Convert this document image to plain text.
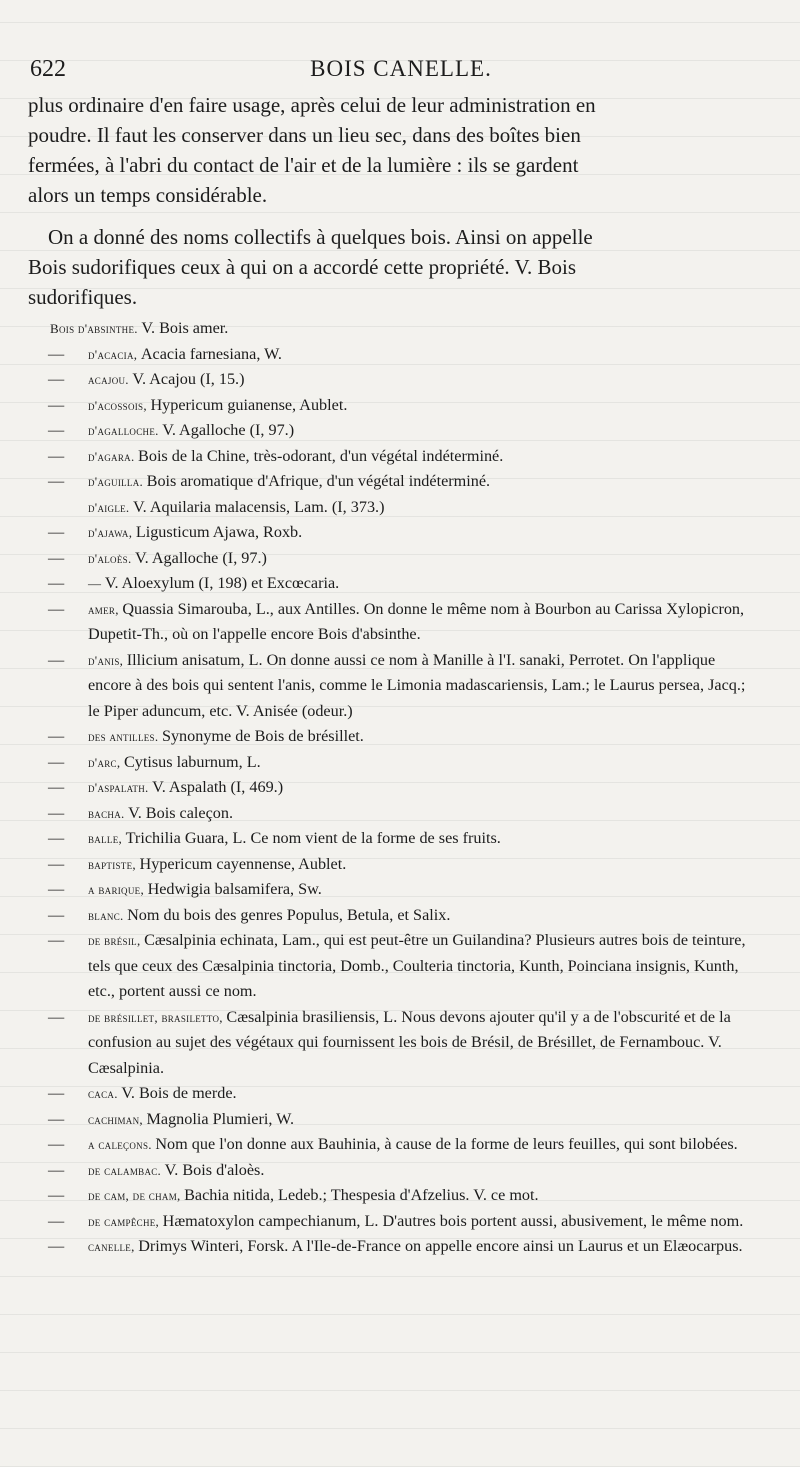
622	BOIS CANELLE.
plus ordinaire d'en faire usage, après celui de leur administration en
poudre. Il faut les conserver dans un lieu sec, dans des boîtes bien
fermées, à l'abri du contact de l'air et de la lumière : ils se gardent
alors un temps considérable.
On a donné des noms collectifs à quelques bois. Ainsi on appelle
Bois sudorifiques ceux à qui on a accordé cette propriété. V. Bois
sudorifiques.
Bois d'absinthe. V. Bois amer.
—	d'acacia, Acacia farnesiana, W.
—	acajou. V. Acajou (I, 15.)
—	d'acossois, Hypericum guianense, Aublet.
—	d'agalloche. V. Agalloche (I, 97.)
—	d'agara. Bois de la Chine, très-odorant, d'un végétal indéterminé.
—	d'aguilla. Bois aromatique d'Afrique, d'un végétal indéterminé.
d'aigle. V. Aquilaria malacensis, Lam. (I, 373.)
—	d'ajawa, Ligusticum Ajawa, Roxb.
—	d'aloès. V. Agalloche (I, 97.)
—	— V. Aloexylum (I, 198) et Excœcaria.
—	amer, Quassia Simarouba, L., aux Antilles. On donne le même nom à Bourbon au Carissa Xylopicron, Dupetit-Th., où on l'appelle encore Bois d'absinthe.
—	d'anis, Illicium anisatum, L. On donne aussi ce nom à Manille à l'I. sanaki, Perrotet. On l'applique encore à des bois qui sentent l'anis, comme le Limonia madascariensis, Lam.; le Laurus persea, Jacq.; le Piper aduncum, etc. V. Anisée (odeur.)
—	des antilles. Synonyme de Bois de brésillet.
—	d'arc, Cytisus laburnum, L.
—	d'aspalath. V. Aspalath (I, 469.)
—	bacha. V. Bois caleçon.
—	balle, Trichilia Guara, L. Ce nom vient de la forme de ses fruits.
—	baptiste, Hypericum cayennense, Aublet.
—	a barique, Hedwigia balsamifera, Sw.
—	blanc. Nom du bois des genres Populus, Betula, et Salix.
—	de brésil, Cæsalpinia echinata, Lam., qui est peut-être un Guilandina? Plusieurs autres bois de teinture, tels que ceux des Cæsalpinia tinctoria, Domb., Coulteria tinctoria, Kunth, Poinciana insignis, Kunth, etc., portent aussi ce nom.
—	de brésillet, brasiletto, Cæsalpinia brasiliensis, L. Nous devons ajouter qu'il y a de l'obscurité et de la confusion au sujet des végétaux qui fournissent les bois de Brésil, de Brésillet, de Fernambouc. V. Cæsalpinia.
—	caca. V. Bois de merde.
—	cachiman, Magnolia Plumieri, W.
—	a caleçons. Nom que l'on donne aux Bauhinia, à cause de la forme de leurs feuilles, qui sont bilobées.
—	de calambac. V. Bois d'aloès.
—	de cam, de cham, Bachia nitida, Ledeb.; Thespesia d'Afzelius. V. ce mot.
—	de campêche, Hæmatoxylon campechianum, L. D'autres bois portent aussi, abusivement, le même nom.
—	canelle, Drimys Winteri, Forsk. A l'Ile-de-France on appelle encore ainsi un Laurus et un Elæocarpus.
